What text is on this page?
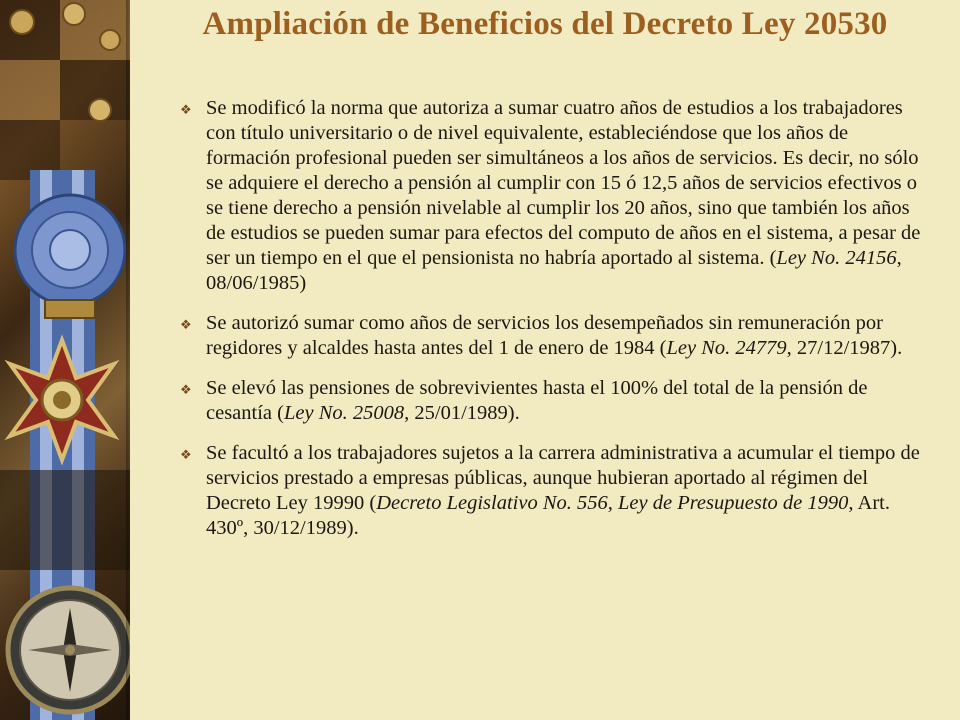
Ampliación de Beneficios del Decreto Ley 20530
❖ Se modificó la norma que autoriza a sumar cuatro años de estudios a los trabajadores con título universitario o de nivel equivalente, estableciéndose que los años de formación profesional pueden ser simultáneos a los años de servicios. Es decir, no sólo se adquiere el derecho a pensión al cumplir con 15 ó 12,5 años de servicios efectivos o se tiene derecho a pensión nivelable al cumplir los 20 años, sino que también los años de estudios se pueden sumar para efectos del computo de años en el sistema, a pesar de ser un tiempo en el que el pensionista no habría aportado al sistema. (Ley No. 24156, 08/06/1985)
❖ Se autorizó sumar como años de servicios los desempeñados sin remuneración por regidores y alcaldes hasta antes del 1 de enero de 1984 (Ley No. 24779, 27/12/1987).
❖ Se elevó las pensiones de sobrevivientes hasta el 100% del total de la pensión de cesantía (Ley No. 25008, 25/01/1989).
❖ Se facultó a los trabajadores sujetos a la carrera administrativa a acumular el tiempo de servicios prestado a empresas públicas, aunque hubieran aportado al régimen del Decreto Ley 19990 (Decreto Legislativo No. 556, Ley de Presupuesto de 1990, Art. 430º, 30/12/1989).
